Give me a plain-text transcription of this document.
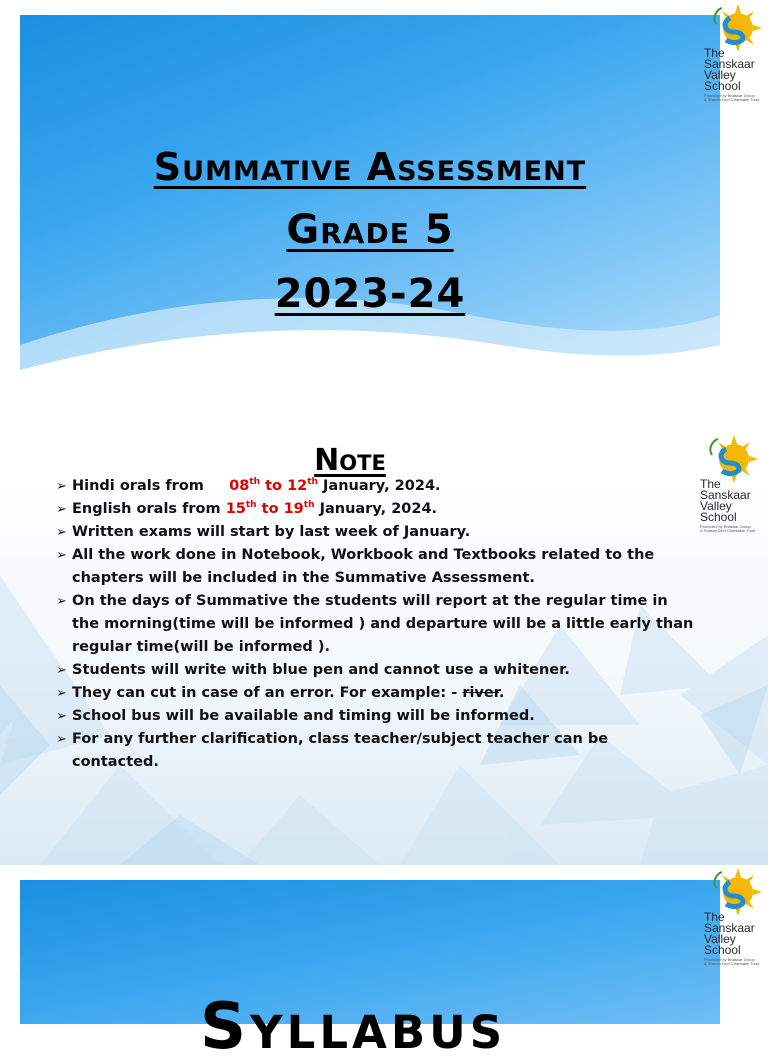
Summative Assessment
Grade 5
2023-24
The
Sanskaar
Valley
School
Promoted by Bhaskar Group
& Sharda Devi Charitable Trust
Note
➢ Hindi orals from 08th to 12th January, 2024.
➢ English orals from 15th to 19th January, 2024.
➢ Written exams will start by last week of January.
➢ All the work done in Notebook, Workbook and Textbooks related to the chapters will be included in the Summative Assessment.
➢ On the days of Summative the students will report at the regular time in the morning(time will be informed ) and departure will be a little early than regular time(will be informed ).
➢ Students will write with blue pen and cannot use a whitener.
➢ They can cut in case of an error. For example: - river.
➢ School bus will be available and timing will be informed.
➢ For any further clarification, class teacher/subject teacher can be contacted.
The
Sanskaar
Valley
School
Promoted by Bhaskar Group
& Sharda Devi Charitable Trust
Syllabus
The
Sanskaar
Valley
School
Promoted by Bhaskar Group
& Sharda Devi Charitable Trust
